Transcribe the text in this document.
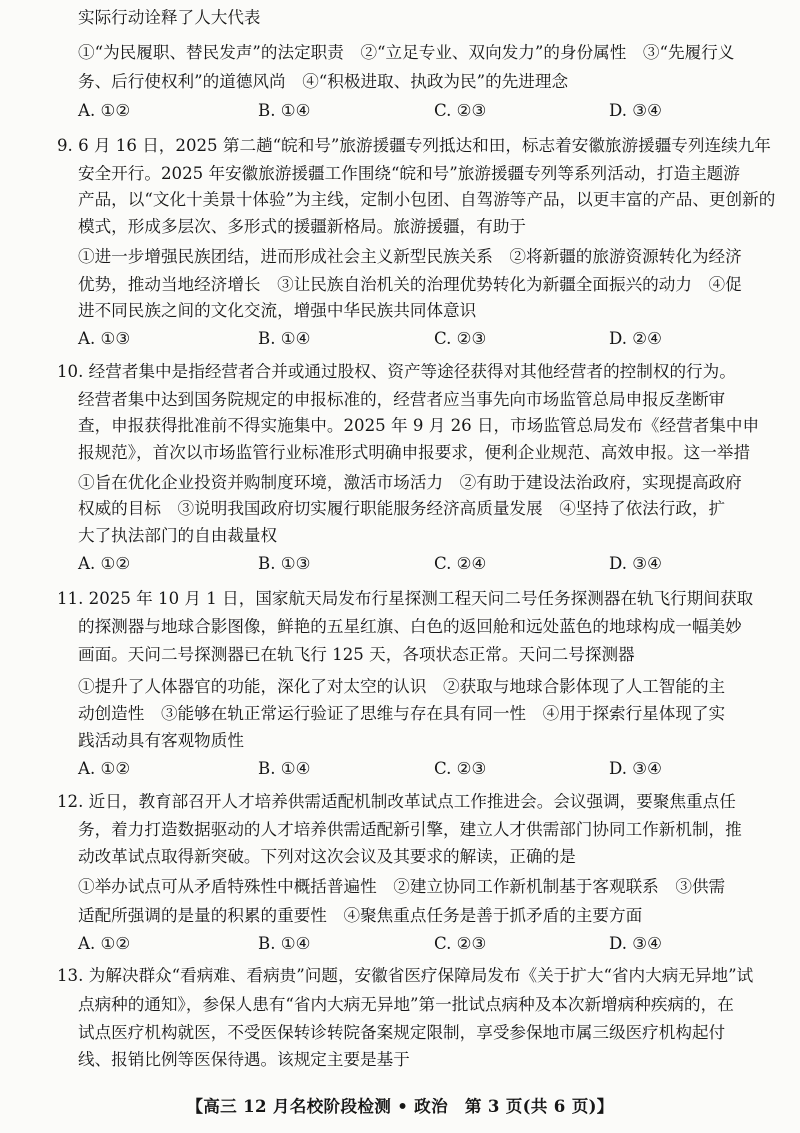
实际行动诠释了人大代表
①“为民履职、替民发声”的法定职责　②“立足专业、双向发力”的身份属性　③“先履行义
务、后行使权利”的道德风尚　④“积极进取、执政为民”的先进理念
A. ①②	B. ①④	C. ②③	D. ③④
9. 6 月 16 日，2025 第二趟“皖和号”旅游援疆专列抵达和田，标志着安徽旅游援疆专列连续九年
安全开行。2025 年安徽旅游援疆工作围绕“皖和号”旅游援疆专列等系列活动，打造主题游
产品，以“文化十美景十体验”为主线，定制小包团、自驾游等产品，以更丰富的产品、更创新的
模式，形成多层次、多形式的援疆新格局。旅游援疆，有助于
①进一步增强民族团结，进而形成社会主义新型民族关系　②将新疆的旅游资源转化为经济
优势，推动当地经济增长　③让民族自治机关的治理优势转化为新疆全面振兴的动力　④促
进不同民族之间的文化交流，增强中华民族共同体意识
A. ①③	B. ①④	C. ②③	D. ②④
10. 经营者集中是指经营者合并或通过股权、资产等途径获得对其他经营者的控制权的行为。
经营者集中达到国务院规定的申报标准的，经营者应当事先向市场监管总局申报反垄断审
查，申报获得批准前不得实施集中。2025 年 9 月 26 日，市场监管总局发布《经营者集中申
报规范》，首次以市场监管行业标准形式明确申报要求，便利企业规范、高效申报。这一举措
①旨在优化企业投资并购制度环境，激活市场活力　②有助于建设法治政府，实现提高政府
权威的目标　③说明我国政府切实履行职能服务经济高质量发展　④坚持了依法行政，扩
大了执法部门的自由裁量权
A. ①②	B. ①③	C. ②④	D. ③④
11. 2025 年 10 月 1 日，国家航天局发布行星探测工程天问二号任务探测器在轨飞行期间获取
的探测器与地球合影图像，鲜艳的五星红旗、白色的返回舱和远处蓝色的地球构成一幅美妙
画面。天问二号探测器已在轨飞行 125 天，各项状态正常。天问二号探测器
①提升了人体器官的功能，深化了对太空的认识　②获取与地球合影体现了人工智能的主
动创造性　③能够在轨正常运行验证了思维与存在具有同一性　④用于探索行星体现了实
践活动具有客观物质性
A. ①②	B. ①④	C. ②③	D. ③④
12. 近日，教育部召开人才培养供需适配机制改革试点工作推进会。会议强调，要聚焦重点任
务，着力打造数据驱动的人才培养供需适配新引擎，建立人才供需部门协同工作新机制，推
动改革试点取得新突破。下列对这次会议及其要求的解读，正确的是
①举办试点可从矛盾特殊性中概括普遍性　②建立协同工作新机制基于客观联系　③供需
适配所强调的是量的积累的重要性　④聚焦重点任务是善于抓矛盾的主要方面
A. ①②	B. ①④	C. ②③	D. ③④
13. 为解决群众“看病难、看病贵”问题，安徽省医疗保障局发布《关于扩大“省内大病无异地”试
点病种的通知》，参保人患有“省内大病无异地”第一批试点病种及本次新增病种疾病的，在
试点医疗机构就医，不受医保转诊转院备案规定限制，享受参保地市属三级医疗机构起付
线、报销比例等医保待遇。该规定主要是基于
【高三 12 月名校阶段检测 • 政治　第 3 页(共 6 页)】
